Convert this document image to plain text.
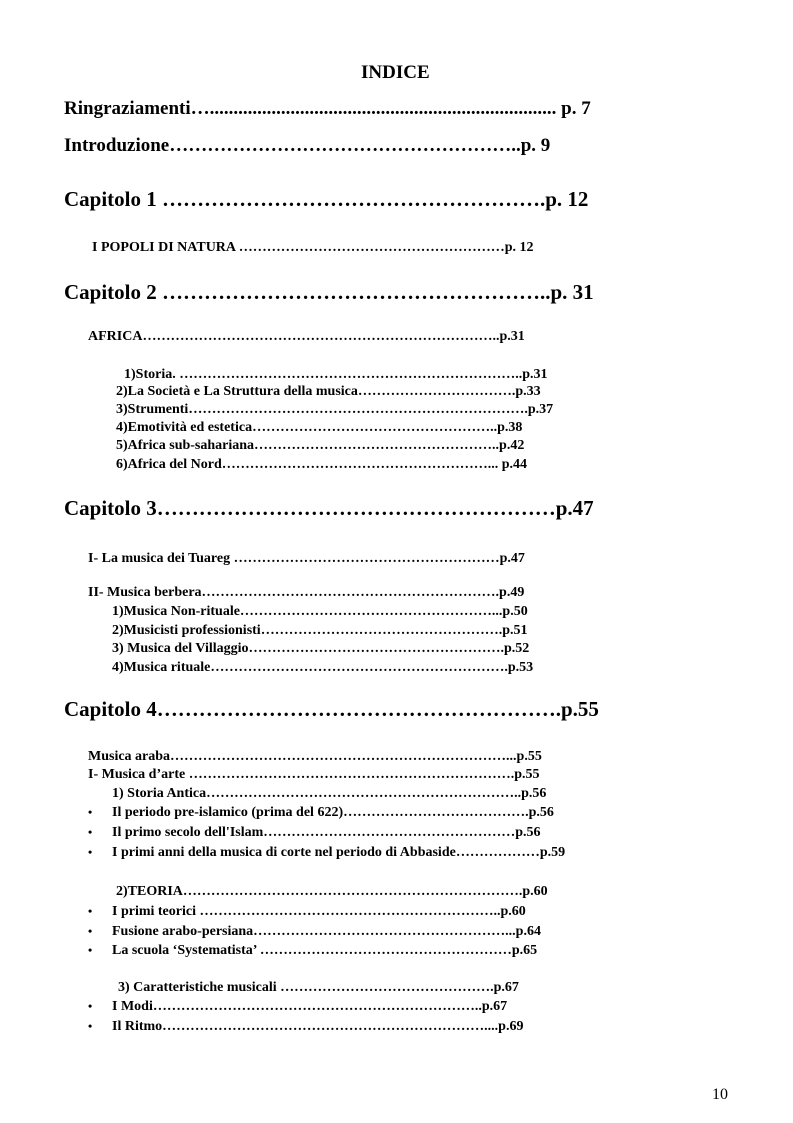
INDICE
Ringraziamenti…......................................................................... p. 7
Introduzione………………………………………………..p. 9
Capitolo 1 ……………………………………………….p. 12
I POPOLI DI NATURA …………………………………………………p. 12
Capitolo 2 ………………………………………………..p. 31
AFRICA…………………………………………………………………..p.31
1)Storia. ………………………………………………………………..p.31
2)La Società e La Struttura della musica…………………………….p.33
3)Strumenti……………………………………………………………….p.37
4)Emotività ed estetica……………………………………………..p.38
5)Africa sub-sahariana……………………………………………..p.42
6)Africa del Nord…………………………………………………... p.44
Capitolo 3…………………………………………………p.47
I- La musica dei Tuareg …………………………………………………p.47
II- Musica berbera……………………………………………………….p.49
1)Musica Non-rituale………………………………………………...p.50
2)Musicisti professionisti…………………………………………….p.51
3) Musica del Villaggio……………………………………………….p.52
4)Musica rituale……………………………………………………….p.53
Capitolo 4………………………………………………….p.55
Musica araba………………………………………………………………...p.55
I- Musica d’arte …………………………………………………………….p.55
1) Storia Antica…………………………………………………………..p.56
• Il periodo pre-islamico (prima del 622)………………………………….p.56
• Il primo secolo dell'Islam………………………………………………p.56
• I primi anni della musica di corte nel periodo di Abbaside………………p.59
2)TEORIA……………………………………………………………….p.60
• I primi teorici ………………………………………………………..p.60
• Fusione arabo-persiana………………………………………………...p.64
• La scuola ‘Systematista’ ………………………………………………p.65
3) Caratteristiche musicali ……………………………………….p.67
• I Modi……………………………………………………………..p.67
• Il Ritmo……………………………………………………………....p.69
10
